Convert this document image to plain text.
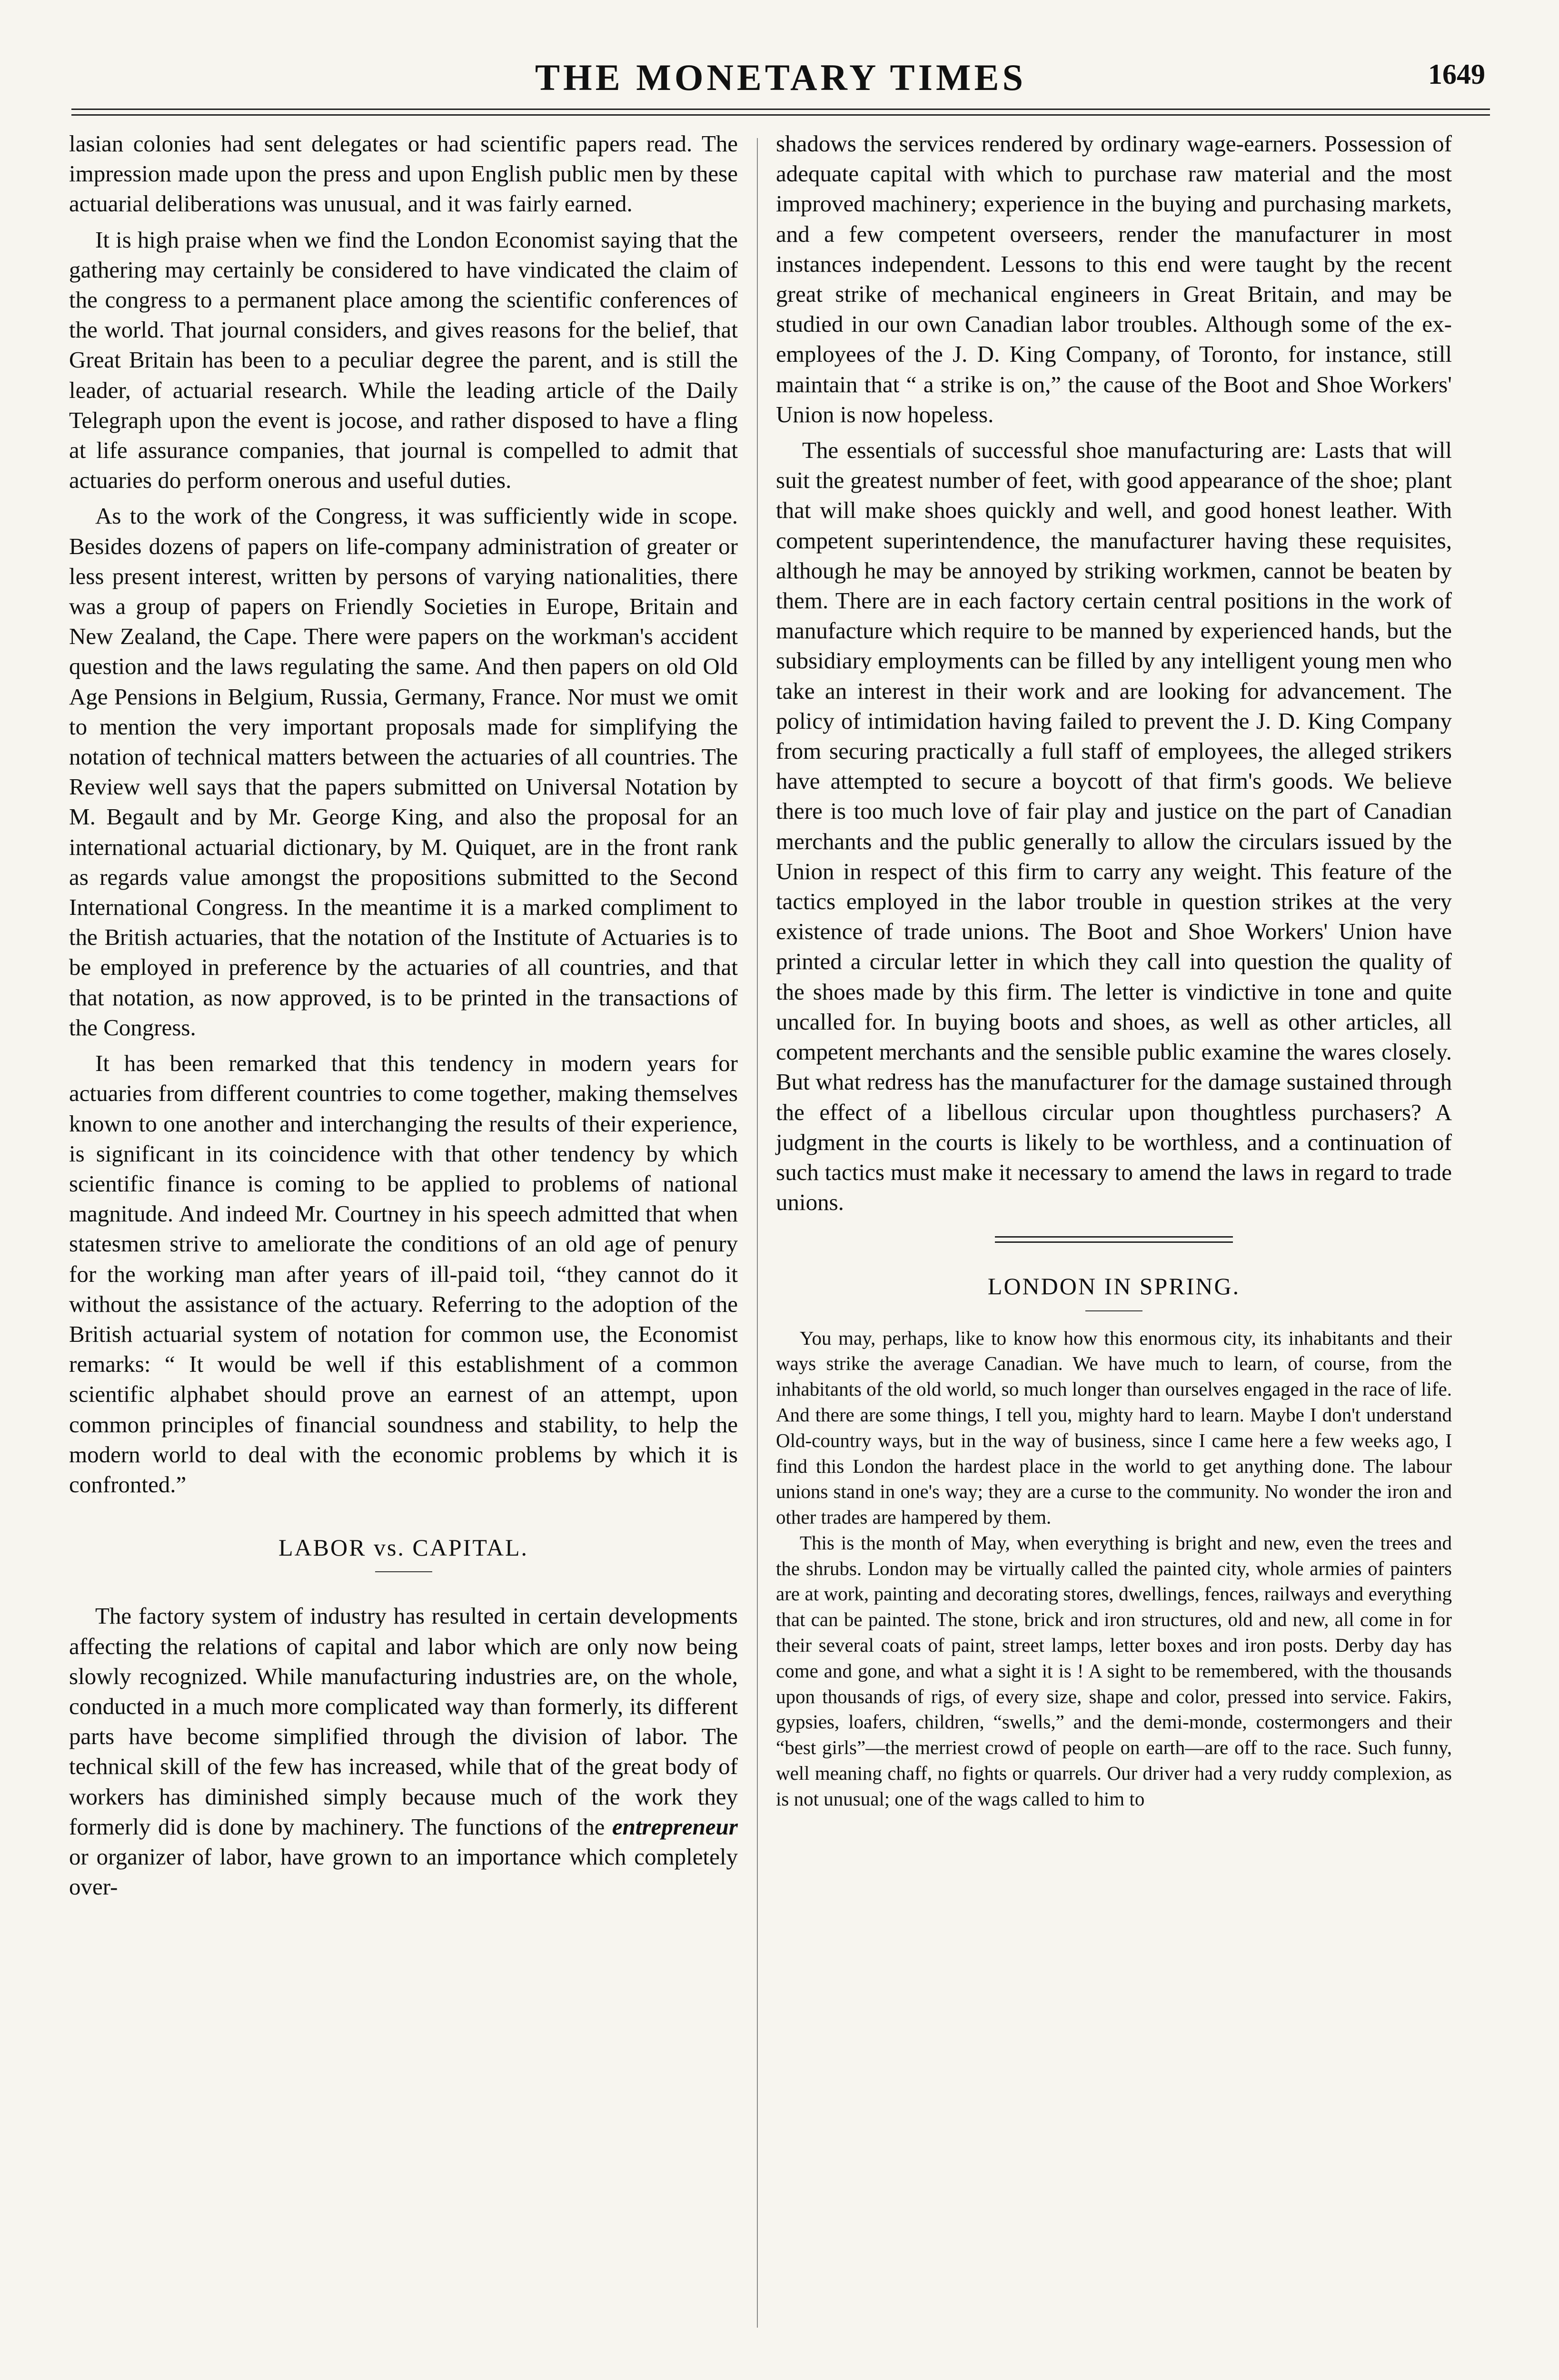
THE MONETARY TIMES	1649

lasian colonies had sent delegates or had scientific papers read. The impression made upon the press and upon English public men by these actuarial deliberations was unusual, and it was fairly earned.

It is high praise when we find the London Economist saying that the gathering may certainly be considered to have vindicated the claim of the congress to a permanent place among the scientific conferences of the world. That journal considers, and gives reasons for the belief, that Great Britain has been to a peculiar degree the parent, and is still the leader, of actuarial research. While the leading article of the Daily Telegraph upon the event is jocose, and rather disposed to have a fling at life assurance companies, that journal is compelled to admit that actuaries do perform onerous and useful duties.

As to the work of the Congress, it was sufficiently wide in scope. Besides dozens of papers on life-company administration of greater or less present interest, written by persons of varying nationalities, there was a group of papers on Friendly Societies in Europe, Britain and New Zealand, the Cape. There were papers on the workman's accident question and the laws regulating the same. And then papers on old Old Age Pensions in Belgium, Russia, Germany, France. Nor must we omit to mention the very important proposals made for simplifying the notation of technical matters between the actuaries of all countries. The Review well says that the papers submitted on Universal Notation by M. Begault and by Mr. George King, and also the proposal for an international actuarial dictionary, by M. Quiquet, are in the front rank as regards value amongst the propositions submitted to the Second International Congress. In the meantime it is a marked compliment to the British actuaries, that the notation of the Institute of Actuaries is to be employed in preference by the actuaries of all countries, and that that notation, as now approved, is to be printed in the transactions of the Congress.

It has been remarked that this tendency in modern years for actuaries from different countries to come together, making themselves known to one another and interchanging the results of their experience, is significant in its coincidence with that other tendency by which scientific finance is coming to be applied to problems of national magnitude. And indeed Mr. Courtney in his speech admitted that when statesmen strive to ameliorate the conditions of an old age of penury for the working man after years of ill-paid toil, “they cannot do it without the assistance of the actuary. Referring to the adoption of the British actuarial system of notation for common use, the Economist remarks: “ It would be well if this establishment of a common scientific alphabet should prove an earnest of an attempt, upon common principles of financial soundness and stability, to help the modern world to deal with the economic problems by which it is confronted.”

LABOR vs. CAPITAL.

The factory system of industry has resulted in certain developments affecting the relations of capital and labor which are only now being slowly recognized. While manufacturing industries are, on the whole, conducted in a much more complicated way than formerly, its different parts have become simplified through the division of labor. The technical skill of the few has increased, while that of the great body of workers has diminished simply because much of the work they formerly did is done by machinery. The functions of the entrepreneur or organizer of labor, have grown to an importance which completely over-

shadows the services rendered by ordinary wage-earners. Possession of adequate capital with which to purchase raw material and the most improved machinery; experience in the buying and purchasing markets, and a few competent overseers, render the manufacturer in most instances independent. Lessons to this end were taught by the recent great strike of mechanical engineers in Great Britain, and may be studied in our own Canadian labor troubles. Although some of the ex-employees of the J. D. King Company, of Toronto, for instance, still maintain that “ a strike is on,” the cause of the Boot and Shoe Workers' Union is now hopeless.

The essentials of successful shoe manufacturing are: Lasts that will suit the greatest number of feet, with good appearance of the shoe; plant that will make shoes quickly and well, and good honest leather. With competent superintendence, the manufacturer having these requisites, although he may be annoyed by striking workmen, cannot be beaten by them. There are in each factory certain central positions in the work of manufacture which require to be manned by experienced hands, but the subsidiary employments can be filled by any intelligent young men who take an interest in their work and are looking for advancement. The policy of intimidation having failed to prevent the J. D. King Company from securing practically a full staff of employees, the alleged strikers have attempted to secure a boycott of that firm's goods. We believe there is too much love of fair play and justice on the part of Canadian merchants and the public generally to allow the circulars issued by the Union in respect of this firm to carry any weight. This feature of the tactics employed in the labor trouble in question strikes at the very existence of trade unions. The Boot and Shoe Workers' Union have printed a circular letter in which they call into question the quality of the shoes made by this firm. The letter is vindictive in tone and quite uncalled for. In buying boots and shoes, as well as other articles, all competent merchants and the sensible public examine the wares closely. But what redress has the manufacturer for the damage sustained through the effect of a libellous circular upon thoughtless purchasers? A judgment in the courts is likely to be worthless, and a continuation of such tactics must make it necessary to amend the laws in regard to trade unions.

LONDON IN SPRING.

You may, perhaps, like to know how this enormous city, its inhabitants and their ways strike the average Canadian. We have much to learn, of course, from the inhabitants of the old world, so much longer than ourselves engaged in the race of life. And there are some things, I tell you, mighty hard to learn. Maybe I don't understand Old-country ways, but in the way of business, since I came here a few weeks ago, I find this London the hardest place in the world to get anything done. The labour unions stand in one's way; they are a curse to the community. No wonder the iron and other trades are hampered by them.

This is the month of May, when everything is bright and new, even the trees and the shrubs. London may be virtually called the painted city, whole armies of painters are at work, painting and decorating stores, dwellings, fences, railways and everything that can be painted. The stone, brick and iron structures, old and new, all come in for their several coats of paint, street lamps, letter boxes and iron posts. Derby day has come and gone, and what a sight it is ! A sight to be remembered, with the thousands upon thousands of rigs, of every size, shape and color, pressed into service. Fakirs, gypsies, loafers, children, “swells,” and the demi-monde, costermongers and their “best girls”—the merriest crowd of people on earth—are off to the race. Such funny, well meaning chaff, no fights or quarrels. Our driver had a very ruddy complexion, as is not unusual; one of the wags called to him to
